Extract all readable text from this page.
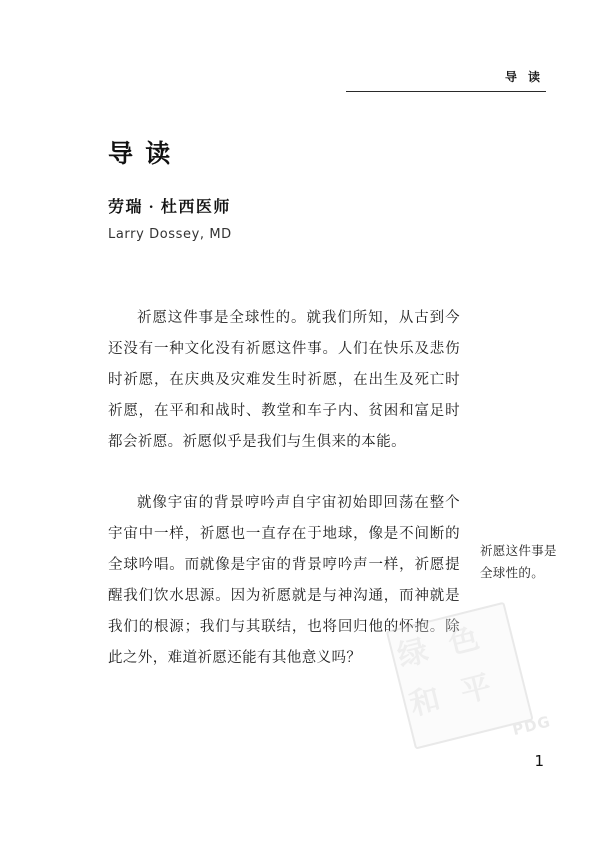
导 读
导 读

劳瑞 · 杜西医师

Larry Dossey, MD

祈愿这件事是全球性的。就我们所知，从古到今还没有一种文化没有祈愿这件事。人们在快乐及悲伤时祈愿，在庆典及灾难发生时祈愿，在出生及死亡时祈愿，在平和和战时、教堂和车子内、贫困和富足时都会祈愿。祈愿似乎是我们与生俱来的本能。

就像宇宙的背景哼吟声自宇宙初始即回荡在整个宇宙中一样，祈愿也一直存在于地球，像是不间断的全球吟唱。而就像是宇宙的背景哼吟声一样，祈愿提醒我们饮水思源。因为祈愿就是与神沟通，而神就是我们的根源；我们与其联结，也将回归他的怀抱。除此之外，难道祈愿还能有其他意义吗？

祈愿这件事是全球性的。
绿 色 和 平
PDG
1
